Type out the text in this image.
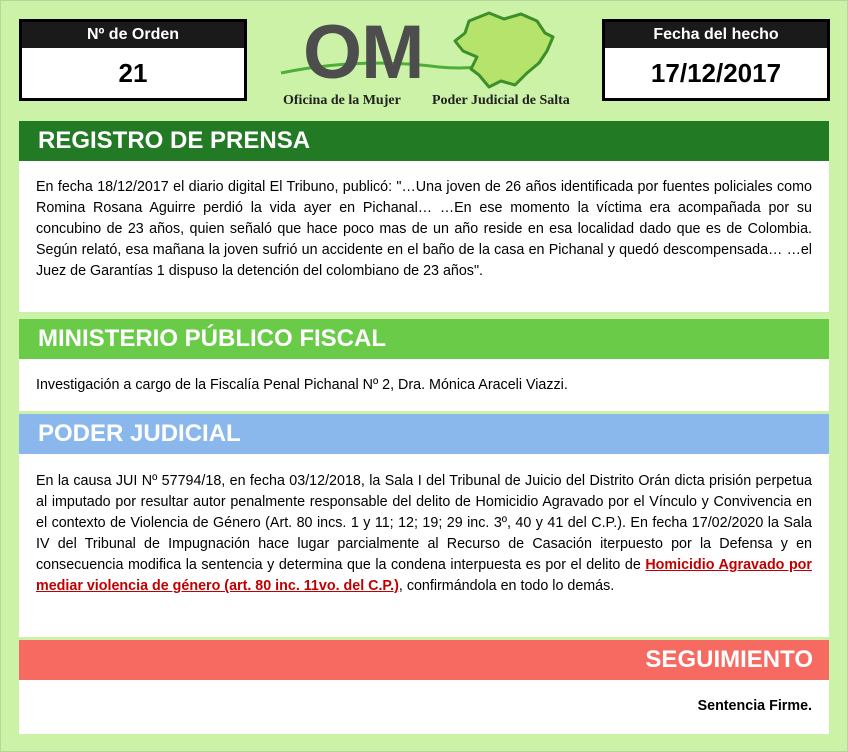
Nº de Orden
21	OM
Oficina de la Mujer Poder Judicial de Salta
Fecha del hecho
17/12/2017
REGISTRO DE PRENSA
En fecha 18/12/2017 el diario digital El Tribuno, publicó: "…Una joven de 26 años identificada por fuentes policiales como Romina Rosana Aguirre perdió la vida ayer en Pichanal… …En ese momento la víctima era acompañada por su concubino de 23 años, quien señaló que hace poco mas de un año reside en esa localidad dado que es de Colombia. Según relató, esa mañana la joven sufrió un accidente en el baño de la casa en Pichanal y quedó descompensada… …el Juez de Garantías 1 dispuso la detención del colombiano de 23 años".
MINISTERIO PÚBLICO FISCAL
Investigación a cargo de la Fiscalía Penal Pichanal Nº 2, Dra. Mónica Araceli Viazzi.
PODER JUDICIAL
En la causa JUI Nº 57794/18, en fecha 03/12/2018, la Sala I del Tribunal de Juicio del Distrito Orán dicta prisión perpetua al imputado por resultar autor penalmente responsable del delito de Homicidio Agravado por el Vínculo y Convivencia en el contexto de Violencia de Género (Art. 80 incs. 1 y 11; 12; 19; 29 inc. 3º, 40 y 41 del C.P.). En fecha 17/02/2020 la Sala IV del Tribunal de Impugnación hace lugar parcialmente al Recurso de Casación iterpuesto por la Defensa y en consecuencia modifica la sentencia y determina que la condena interpuesta es por el delito de Homicidio Agravado por mediar violencia de género (art. 80 inc. 11vo. del C.P.), confirmándola en todo lo demás.
SEGUIMIENTO
Sentencia Firme.
